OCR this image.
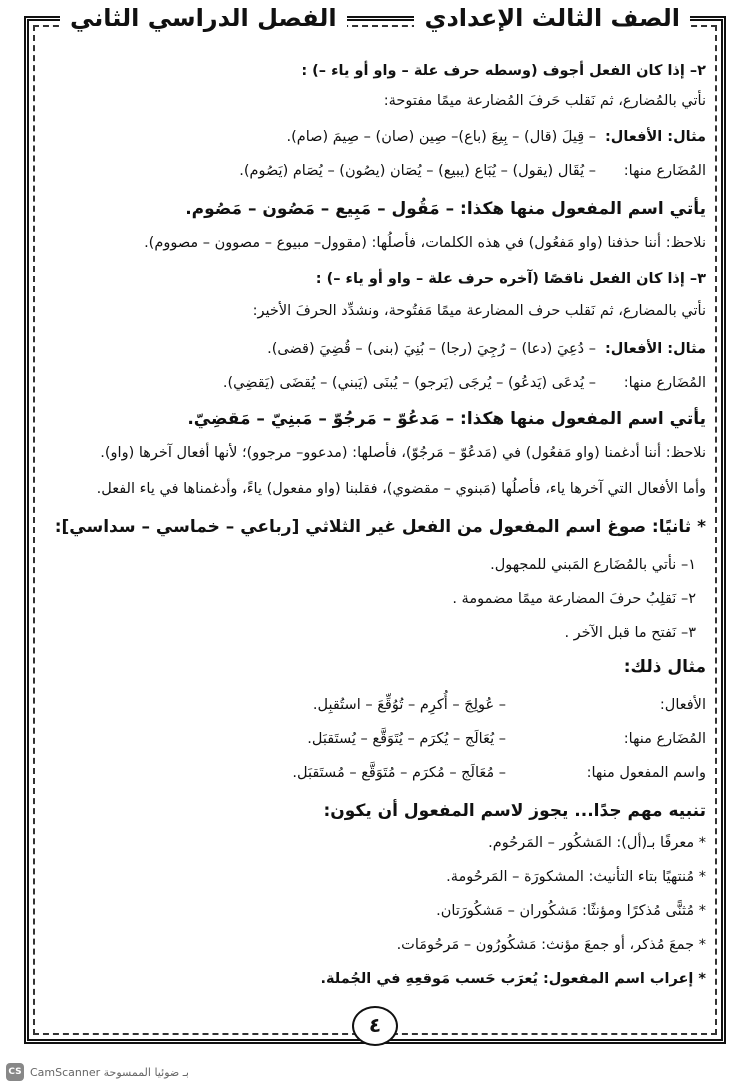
الصف الثالث الإعدادي
الفصل الدراسي الثاني
٢– إذا كان الفعل أجوف (وسطه حرف علة – واو أو ياء –) :
نأتي بالمُضارع، ثم نَقلب حَرفَ المُضارعة ميمًا مفتوحة:
مثال: الأفعال:
– قِيلَ (قال) – بِيعَ (باع)– صِين (صان) – صِيمَ (صام).
المُضَارع منها:
– يُقَال (يقول) – يُبَاع (يبيع) – يُصَان (يصُون) – يُصَام (يَصُوم).
يأتي اسم المفعول منها هكذا: – مَقُول – مَبِيع – مَصُون – مَصُوم.
نلاحظ: أننا حذفنا (واو مَفعُول) في هذه الكلمات، فأصلُها: (مقوول– مبيوع – مصوون – مصووم).
٣– إذا كان الفعل ناقصًا (آخره حرف علة – واو أو ياء –) :
نأتي بالمضارع، ثم نَقلب حرف المضارعة ميمًا مَفتُوحة، ونشدِّد الحرفَ الأخير:
مثال: الأفعال:
– دُعِيَ (دعا) – رُجِيَ (رجا) – بُنِيَ (بنى) – قُضِيَ (قضى).
المُضَارع منها:
– يُدعَى (يَدعُو) – يُرجَى (يَرجو) – يُبنَى (يَبني) – يُقضَى (يَقضِي).
يأتي اسم المفعول منها هكذا: – مَدعُوّ – مَرجُوّ – مَبنِيّ – مَقضِيّ.
نلاحظ: أننا أدغمنا (واو مَفعُول) في (مَدعُوّ – مَرجُوّ)، فأصلها: (مدعوو– مرجوو)؛ لأنها أفعال آخرها (واو).
وأما الأفعال التي آخرها ياء، فأصلُها (مَبنوي – مقضوي)، فقلبنا (واو مفعول) ياءً، وأدغمناها في ياء الفعل.
* ثانيًا: صوغ اسم المفعول من الفعل غير الثلاثي [رباعي – خماسي – سداسي]:
١– نأتي بالمُضَارع المَبني للمجهول.
٢– نَقلِبُ حرفَ المضارعة ميمًا مضمومة .
٣– نَفتح ما قبل الآخر .
مثال ذلك:
الأفعال:
– عُولِجَ – أُكرِم – تُوُقِّعَ – استُقبِل.
المُضَارع منها:
– يُعَالَج – يُكرَم – يُتَوَقَّع – يُستَقبَل.
واسم المفعول منها:
– مُعَالَج – مُكرَم – مُتَوَقَّع – مُستَقبَل.
تنبيه مهم جدًا... يجوز لاسم المفعول أن يكون:
* معرفًا بـ(أل): المَشكُور – المَرحُوم.
* مُنتهيًا بتاء التأنيث: المشكورَة – المَرحُومة.
* مُثنًّى مُذكرًا ومؤنثًا: مَشكُوران – مَشكُورَتان.
* جمعَ مُذكر، أو جمعَ مؤنث: مَشكُورُون – مَرحُومَات.
* إعراب اسم المفعول: يُعرَب حَسب مَوقعِهِ في الجُملة.
٤
CS CamScanner بـ ضوئيا الممسوحة
